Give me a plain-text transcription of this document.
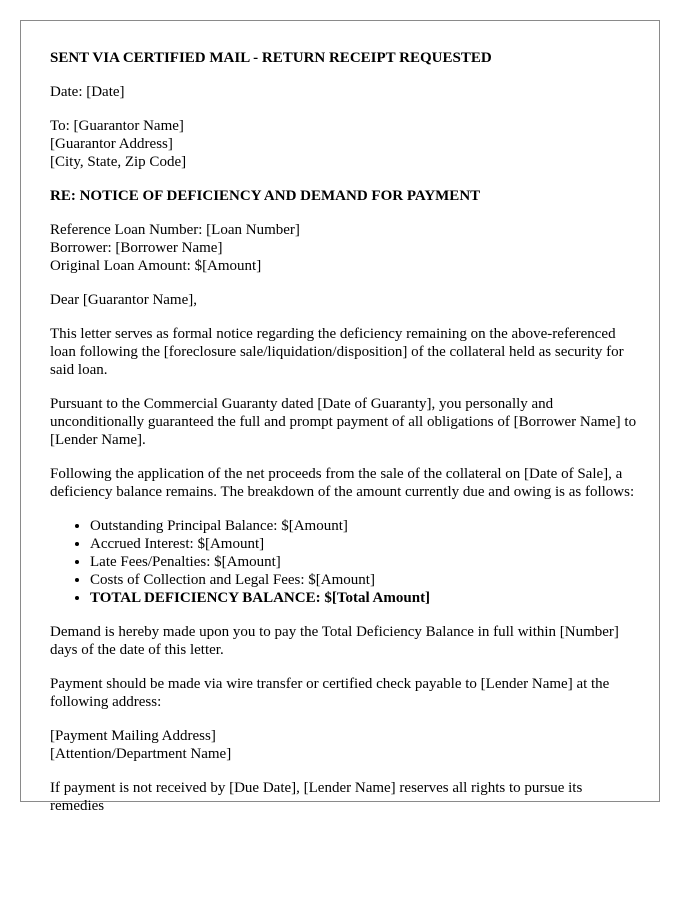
SENT VIA CERTIFIED MAIL - RETURN RECEIPT REQUESTED

Date: [Date]

To: [Guarantor Name]
[Guarantor Address]
[City, State, Zip Code]

RE: NOTICE OF DEFICIENCY AND DEMAND FOR PAYMENT

Reference Loan Number: [Loan Number]
Borrower: [Borrower Name]
Original Loan Amount: $[Amount]

Dear [Guarantor Name],

This letter serves as formal notice regarding the deficiency remaining on the above-referenced loan following the [foreclosure sale/liquidation/disposition] of the collateral held as security for said loan.

Pursuant to the Commercial Guaranty dated [Date of Guaranty], you personally and unconditionally guaranteed the full and prompt payment of all obligations of [Borrower Name] to [Lender Name].

Following the application of the net proceeds from the sale of the collateral on [Date of Sale], a deficiency balance remains. The breakdown of the amount currently due and owing is as follows:

• Outstanding Principal Balance: $[Amount]
• Accrued Interest: $[Amount]
• Late Fees/Penalties: $[Amount]
• Costs of Collection and Legal Fees: $[Amount]
• TOTAL DEFICIENCY BALANCE: $[Total Amount]

Demand is hereby made upon you to pay the Total Deficiency Balance in full within [Number] days of the date of this letter.

Payment should be made via wire transfer or certified check payable to [Lender Name] at the following address:

[Payment Mailing Address]
[Attention/Department Name]

If payment is not received by [Due Date], [Lender Name] reserves all rights to pursue its remedies
